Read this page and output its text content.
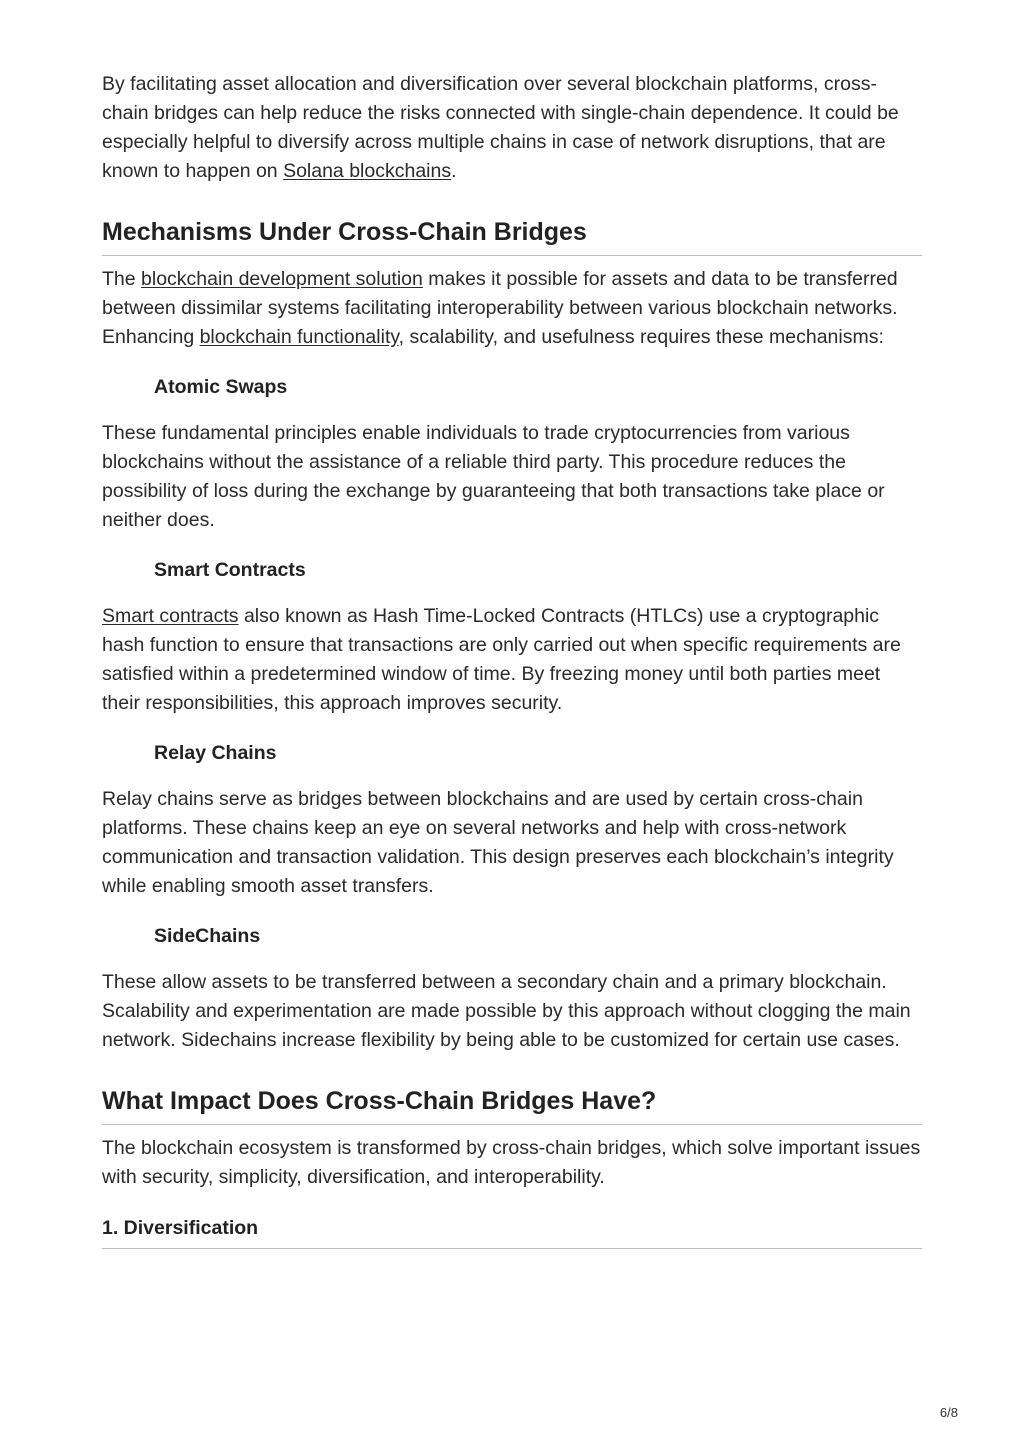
By facilitating asset allocation and diversification over several blockchain platforms, cross-chain bridges can help reduce the risks connected with single-chain dependence. It could be especially helpful to diversify across multiple chains in case of network disruptions, that are known to happen on Solana blockchains.

Mechanisms Under Cross-Chain Bridges

The blockchain development solution makes it possible for assets and data to be transferred between dissimilar systems facilitating interoperability between various blockchain networks. Enhancing blockchain functionality, scalability, and usefulness requires these mechanisms:

Atomic Swaps

These fundamental principles enable individuals to trade cryptocurrencies from various blockchains without the assistance of a reliable third party. This procedure reduces the possibility of loss during the exchange by guaranteeing that both transactions take place or neither does.

Smart Contracts

Smart contracts also known as Hash Time-Locked Contracts (HTLCs) use a cryptographic hash function to ensure that transactions are only carried out when specific requirements are satisfied within a predetermined window of time. By freezing money until both parties meet their responsibilities, this approach improves security.

Relay Chains

Relay chains serve as bridges between blockchains and are used by certain cross-chain platforms. These chains keep an eye on several networks and help with cross-network communication and transaction validation. This design preserves each blockchain’s integrity while enabling smooth asset transfers.

SideChains

These allow assets to be transferred between a secondary chain and a primary blockchain. Scalability and experimentation are made possible by this approach without clogging the main network. Sidechains increase flexibility by being able to be customized for certain use cases.

What Impact Does Cross-Chain Bridges Have?

The blockchain ecosystem is transformed by cross-chain bridges, which solve important issues with security, simplicity, diversification, and interoperability.

1. Diversification
6/8
